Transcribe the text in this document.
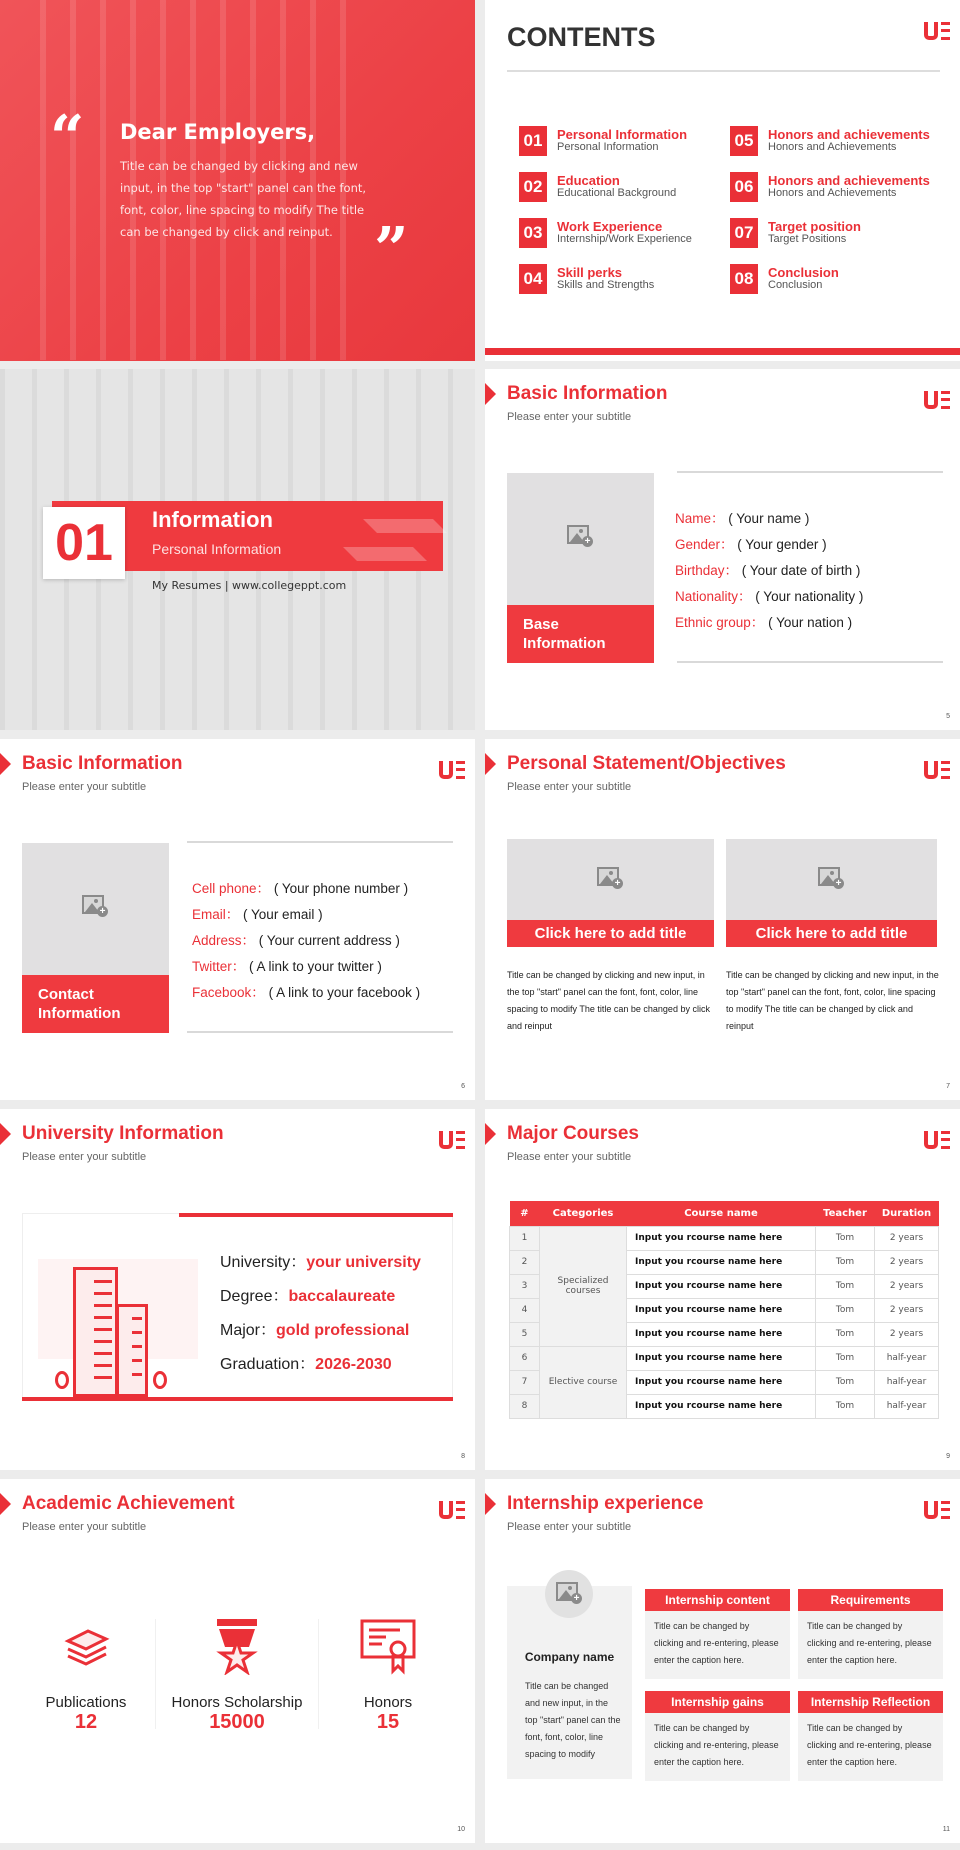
“ Dear Employers,

Title can be changed by clicking and new input, in the top "start" panel can the font, font, color, line spacing to modify The title can be changed by click and reinput. ”
CONTENTS
01	Personal Information
Personal Information
02	Education
Educational Background
03	Work Experience
Internship/Work Experience
04	Skill perks
Skills and Strengths
05	Honors and achievements
Honors and Achievements
06	Honors and achievements
Honors and Achievements
07	Target position
Target Positions
08	Conclusion
Conclusion
01	Information
Personal Information
My Resumes | www.collegeppt.com
Basic Information
Please enter your subtitle
+
Base Information
Name： ( Your name )
Gender： ( Your gender )
Birthday： ( Your date of birth )
Nationality： ( Your nationality )
Ethnic group： ( Your nation )
5
Basic Information
Please enter your subtitle
+
Contact Information
Cell phone： ( Your phone number )
Email： ( Your email )
Address： ( Your current address )
Twitter： ( A link to your twitter )
Facebook： ( A link to your facebook )
6
Personal Statement/Objectives
Please enter your subtitle
+
Click here to add title
+
Click here to add title
Title can be changed by clicking and new input, in the top "start" panel can the font, font, color, line spacing to modify The title can be changed by click and reinput
Title can be changed by clicking and new input, in the top "start" panel can the font, font, color, line spacing to modify The title can be changed by click and reinput
7
University Information
Please enter your subtitle
University：your university
Degree：baccalaureate
Major：gold professional
Graduation：2026-2030
8
Major Courses
Please enter your subtitle
#	Categories	Course name	Teacher	Duration
1	Specialized courses	Input you rcourse name here	Tom	2 years
2		Input you rcourse name here	Tom	2 years
3		Input you rcourse name here	Tom	2 years
4		Input you rcourse name here	Tom	2 years
5		Input you rcourse name here	Tom	2 years
6	Elective course	Input you rcourse name here	Tom	half-year
7		Input you rcourse name here	Tom	half-year
8		Input you rcourse name here	Tom	half-year
9
Academic Achievement
Please enter your subtitle
Publications
12
Honors Scholarship
15000
Honors
15
10
Internship experience
Please enter your subtitle
+
Company name
Title can be changed and new input, in the top "start" panel can the font, font, color, line spacing to modify
Internship content
Title can be changed by clicking and re-entering, please enter the caption here.
Requirements
Title can be changed by clicking and re-entering, please enter the caption here.
Internship gains
Title can be changed by clicking and re-entering, please enter the caption here.
Internship Reflection
Title can be changed by clicking and re-entering, please enter the caption here.
11
